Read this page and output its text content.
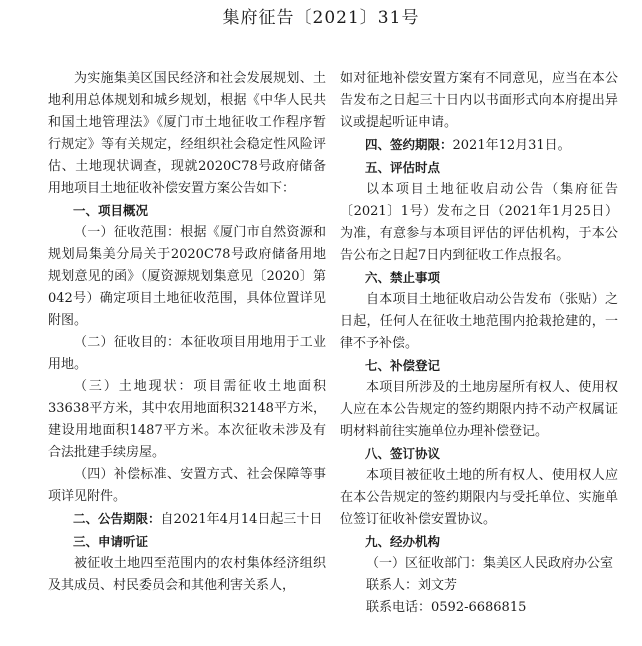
集府征告〔2021〕31号

为实施集美区国民经济和社会发展规划、土地利用总体规划和城乡规划，根据《中华人民共和国土地管理法》《厦门市土地征收工作程序暂行规定》等有关规定，经组织社会稳定性风险评估、土地现状调查，现就2020C78号政府储备用地项目土地征收补偿安置方案公告如下：

一、项目概况

（一）征收范围：根据《厦门市自然资源和规划局集美分局关于2020C78号政府储备用地规划意见的函》（厦资源规划集意见〔2020〕第042号）确定项目土地征收范围，具体位置详见附图。

（二）征收目的：本征收项目用地用于工业用地。

（三）土地现状：项目需征收土地面积33638平方米，其中农用地面积32148平方米，建设用地面积1487平方米。本次征收未涉及有合法批建手续房屋。

（四）补偿标准、安置方式、社会保障等事项详见附件。

二、公告期限：自2021年4月14日起三十日

三、申请听证

被征收土地四至范围内的农村集体经济组织及其成员、村民委员会和其他利害关系人，

如对征地补偿安置方案有不同意见，应当在本公告发布之日起三十日内以书面形式向本府提出异议或提起听证申请。

四、签约期限：2021年12月31日。

五、评估时点

以本项目土地征收启动公告（集府征告〔2021〕1号）发布之日（2021年1月25日）为准，有意参与本项目评估的评估机构，于本公告公布之日起7日内到征收工作点报名。

六、禁止事项

自本项目土地征收启动公告发布（张贴）之日起，任何人在征收土地范围内抢栽抢建的，一律不予补偿。

七、补偿登记

本项目所涉及的土地房屋所有权人、使用权人应在本公告规定的签约期限内持不动产权属证明材料前往实施单位办理补偿登记。

八、签订协议

本项目被征收土地的所有权人、使用权人应在本公告规定的签约期限内与受托单位、实施单位签订征收补偿安置协议。

九、经办机构

（一）区征收部门：集美区人民政府办公室

联系人：刘文芳

联系电话：0592-6686815
